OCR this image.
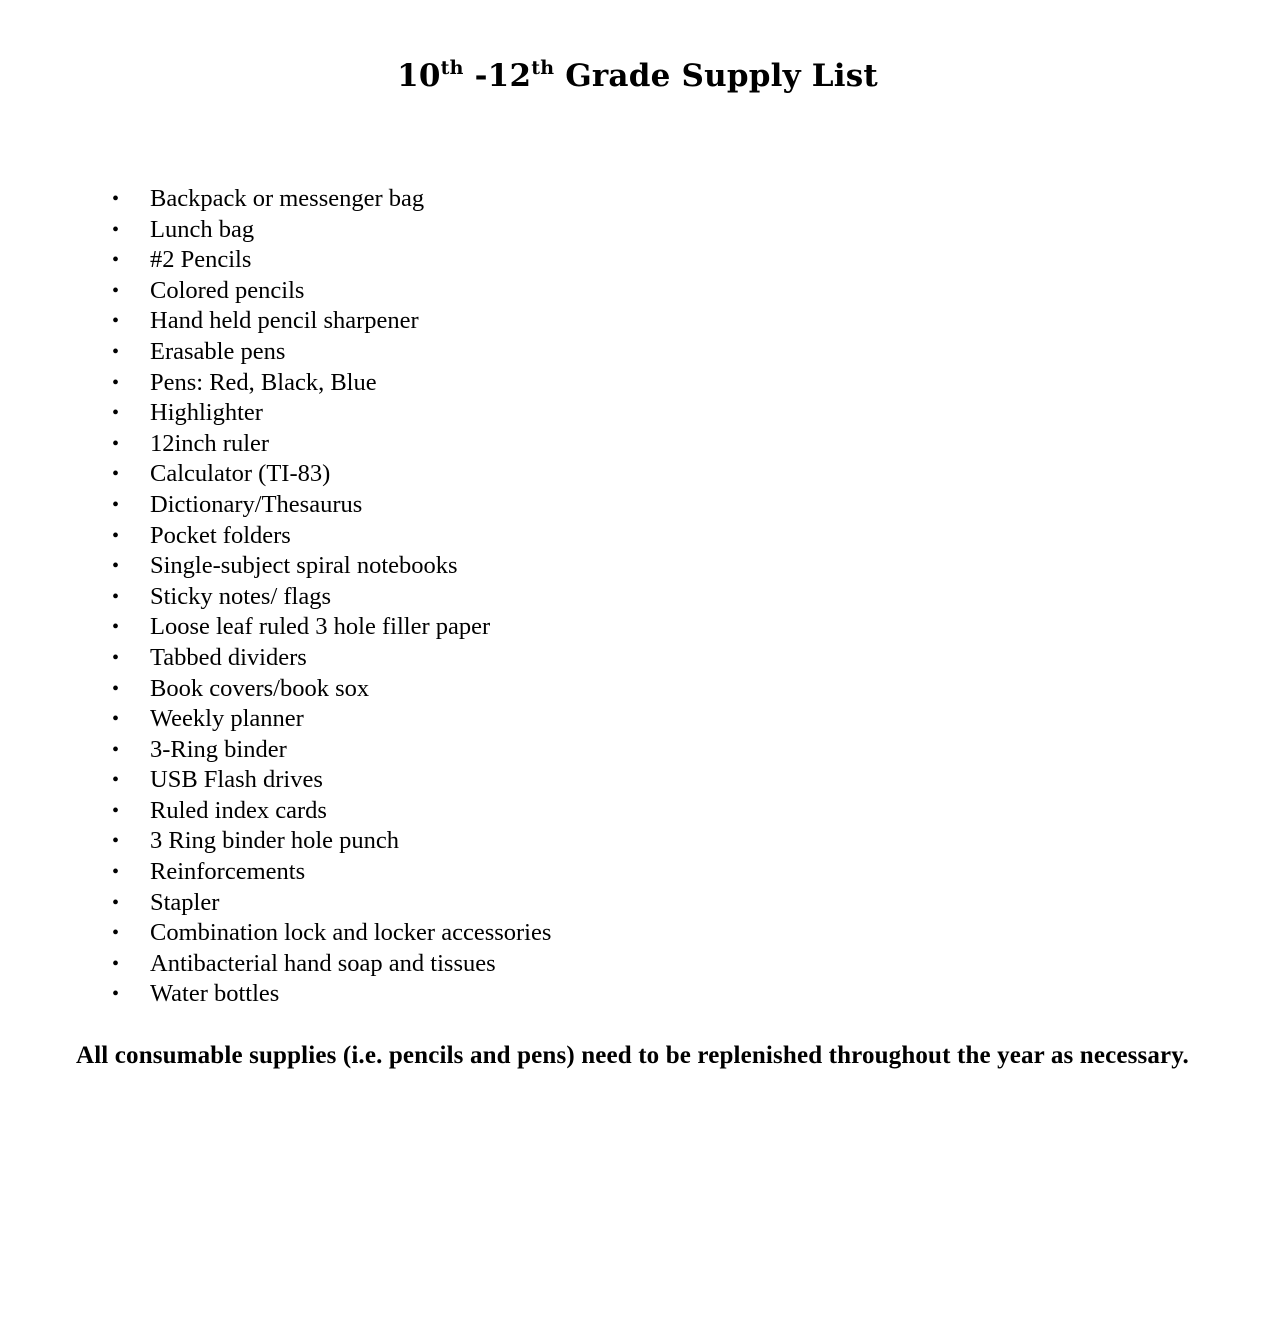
10th -12th Grade Supply List
• Backpack or messenger bag
• Lunch bag
• #2 Pencils
• Colored pencils
• Hand held pencil sharpener
• Erasable pens
• Pens: Red, Black, Blue
• Highlighter
• 12inch ruler
• Calculator (TI-83)
• Dictionary/Thesaurus
• Pocket folders
• Single-subject spiral notebooks
• Sticky notes/ flags
• Loose leaf ruled 3 hole filler paper
• Tabbed dividers
• Book covers/book sox
• Weekly planner
• 3-Ring binder
• USB Flash drives
• Ruled index cards
• 3 Ring binder hole punch
• Reinforcements
• Stapler
• Combination lock and locker accessories
• Antibacterial hand soap and tissues
• Water bottles

All consumable supplies (i.e. pencils and pens) need to be replenished throughout the year as necessary.
